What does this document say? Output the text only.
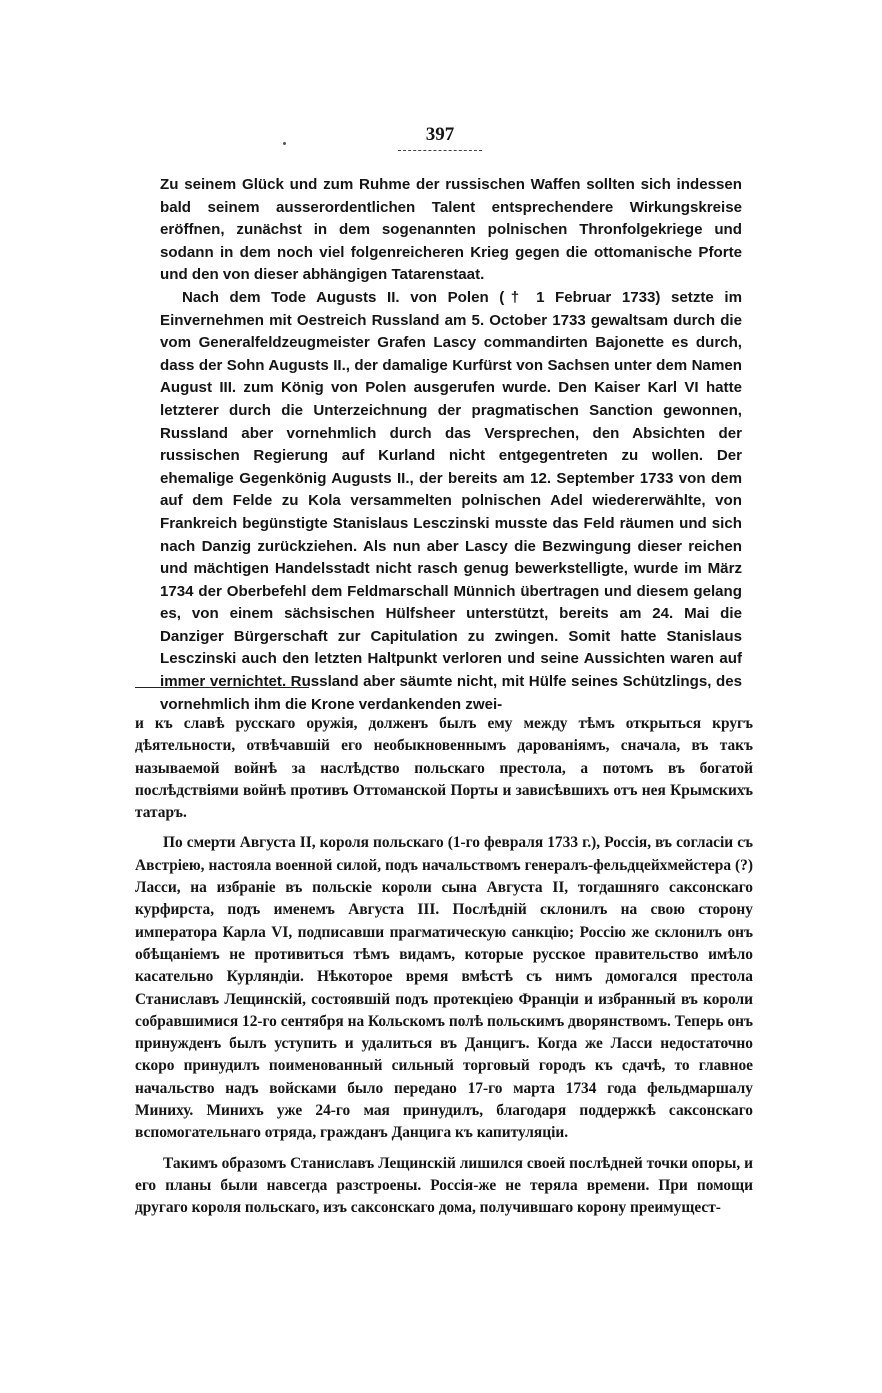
397

Zu seinem Glück und zum Ruhme der russischen Waffen sollten sich indessen bald seinem ausserordentlichen Talent entsprechendere Wirkungskreise eröffnen, zunächst in dem sogenannten polnischen Thronfolgekriege und sodann in dem noch viel folgenreicheren Krieg gegen die ottomanische Pforte und den von dieser abhängigen Tatarenstaat.

Nach dem Tode Augusts II. von Polen († 1 Februar 1733) setzte im Einvernehmen mit Oestreich Russland am 5. October 1733 gewaltsam durch die vom Generalfeldzeugmeister Grafen Lascy commandirten Bajonette es durch, dass der Sohn Augusts II., der damalige Kurfürst von Sachsen unter dem Namen August III. zum König von Polen ausgerufen wurde. Den Kaiser Karl VI hatte letzterer durch die Unterzeichnung der pragmatischen Sanction gewonnen, Russland aber vornehmlich durch das Versprechen, den Absichten der russischen Regierung auf Kurland nicht entgegentreten zu wollen. Der ehemalige Gegenkönig Augusts II., der bereits am 12. September 1733 von dem auf dem Felde zu Kola versammelten polnischen Adel wiedererwählte, von Frankreich begünstigte Stanislaus Lesczinski musste das Feld räumen und sich nach Danzig zurückziehen. Als nun aber Lascy die Bezwingung dieser reichen und mächtigen Handelsstadt nicht rasch genug bewerkstelligte, wurde im März 1734 der Oberbefehl dem Feldmarschall Münnich übertragen und diesem gelang es, von einem sächsischen Hülfsheer unterstützt, bereits am 24. Mai die Danziger Bürgerschaft zur Capitulation zu zwingen. Somit hatte Stanislaus Lesczinski auch den letzten Haltpunkt verloren und seine Aussichten waren auf immer vernichtet. Russland aber säumte nicht, mit Hülfe seines Schützlings, des vornehmlich ihm die Krone verdankenden zwei-

и къ славѣ русскаго оружія, долженъ былъ ему между тѣмъ открыться кругъ дѣятельности, отвѣчавшій его необыкновеннымъ дарованіямъ, сначала, въ такъ называемой войнѣ за наслѣдство польскаго престола, а потомъ въ богатой послѣдствіями войнѣ противъ Оттоманской Порты и зависѣвшихъ отъ нея Крымскихъ татаръ.

По смерти Августа II, короля польскаго (1-го февраля 1733 г.), Россія, въ согласіи съ Австріею, настояла военной силой, подъ начальствомъ генералъ-фельдцейхмейстера (?) Ласси, на избраніе въ польскіе короли сына Августа II, тогдашняго саксонскаго курфирста, подъ именемъ Августа III. Послѣдній склонилъ на свою сторону императора Карла VI, подписавши прагматическую санкцію; Россію же склонилъ онъ обѣщаніемъ не противиться тѣмъ видамъ, которые русское правительство имѣло касательно Курляндіи. Нѣкоторое время вмѣстѣ съ нимъ домогался престола Станиславъ Лещинскій, состоявшій подъ протекціею Франціи и избранный въ короли собравшимися 12-го сентября на Кольскомъ полѣ польскимъ дворянствомъ. Теперь онъ принужденъ былъ уступить и удалиться въ Данцигъ. Когда же Ласси недостаточно скоро принудилъ поименованный сильный торговый городъ къ сдачѣ, то главное начальство надъ войсками было передано 17-го марта 1734 года фельдмаршалу Миниху. Минихъ уже 24-го мая принудилъ, благодаря поддержкѣ саксонскаго вспомогательнаго отряда, гражданъ Данцига къ капитуляціи.

Такимъ образомъ Станиславъ Лещинскій лишился своей послѣдней точки опоры, и его планы были навсегда разстроены. Россія-же не теряла времени. При помощи другаго короля польскаго, изъ саксонскаго дома, получившаго корону преимущест-
